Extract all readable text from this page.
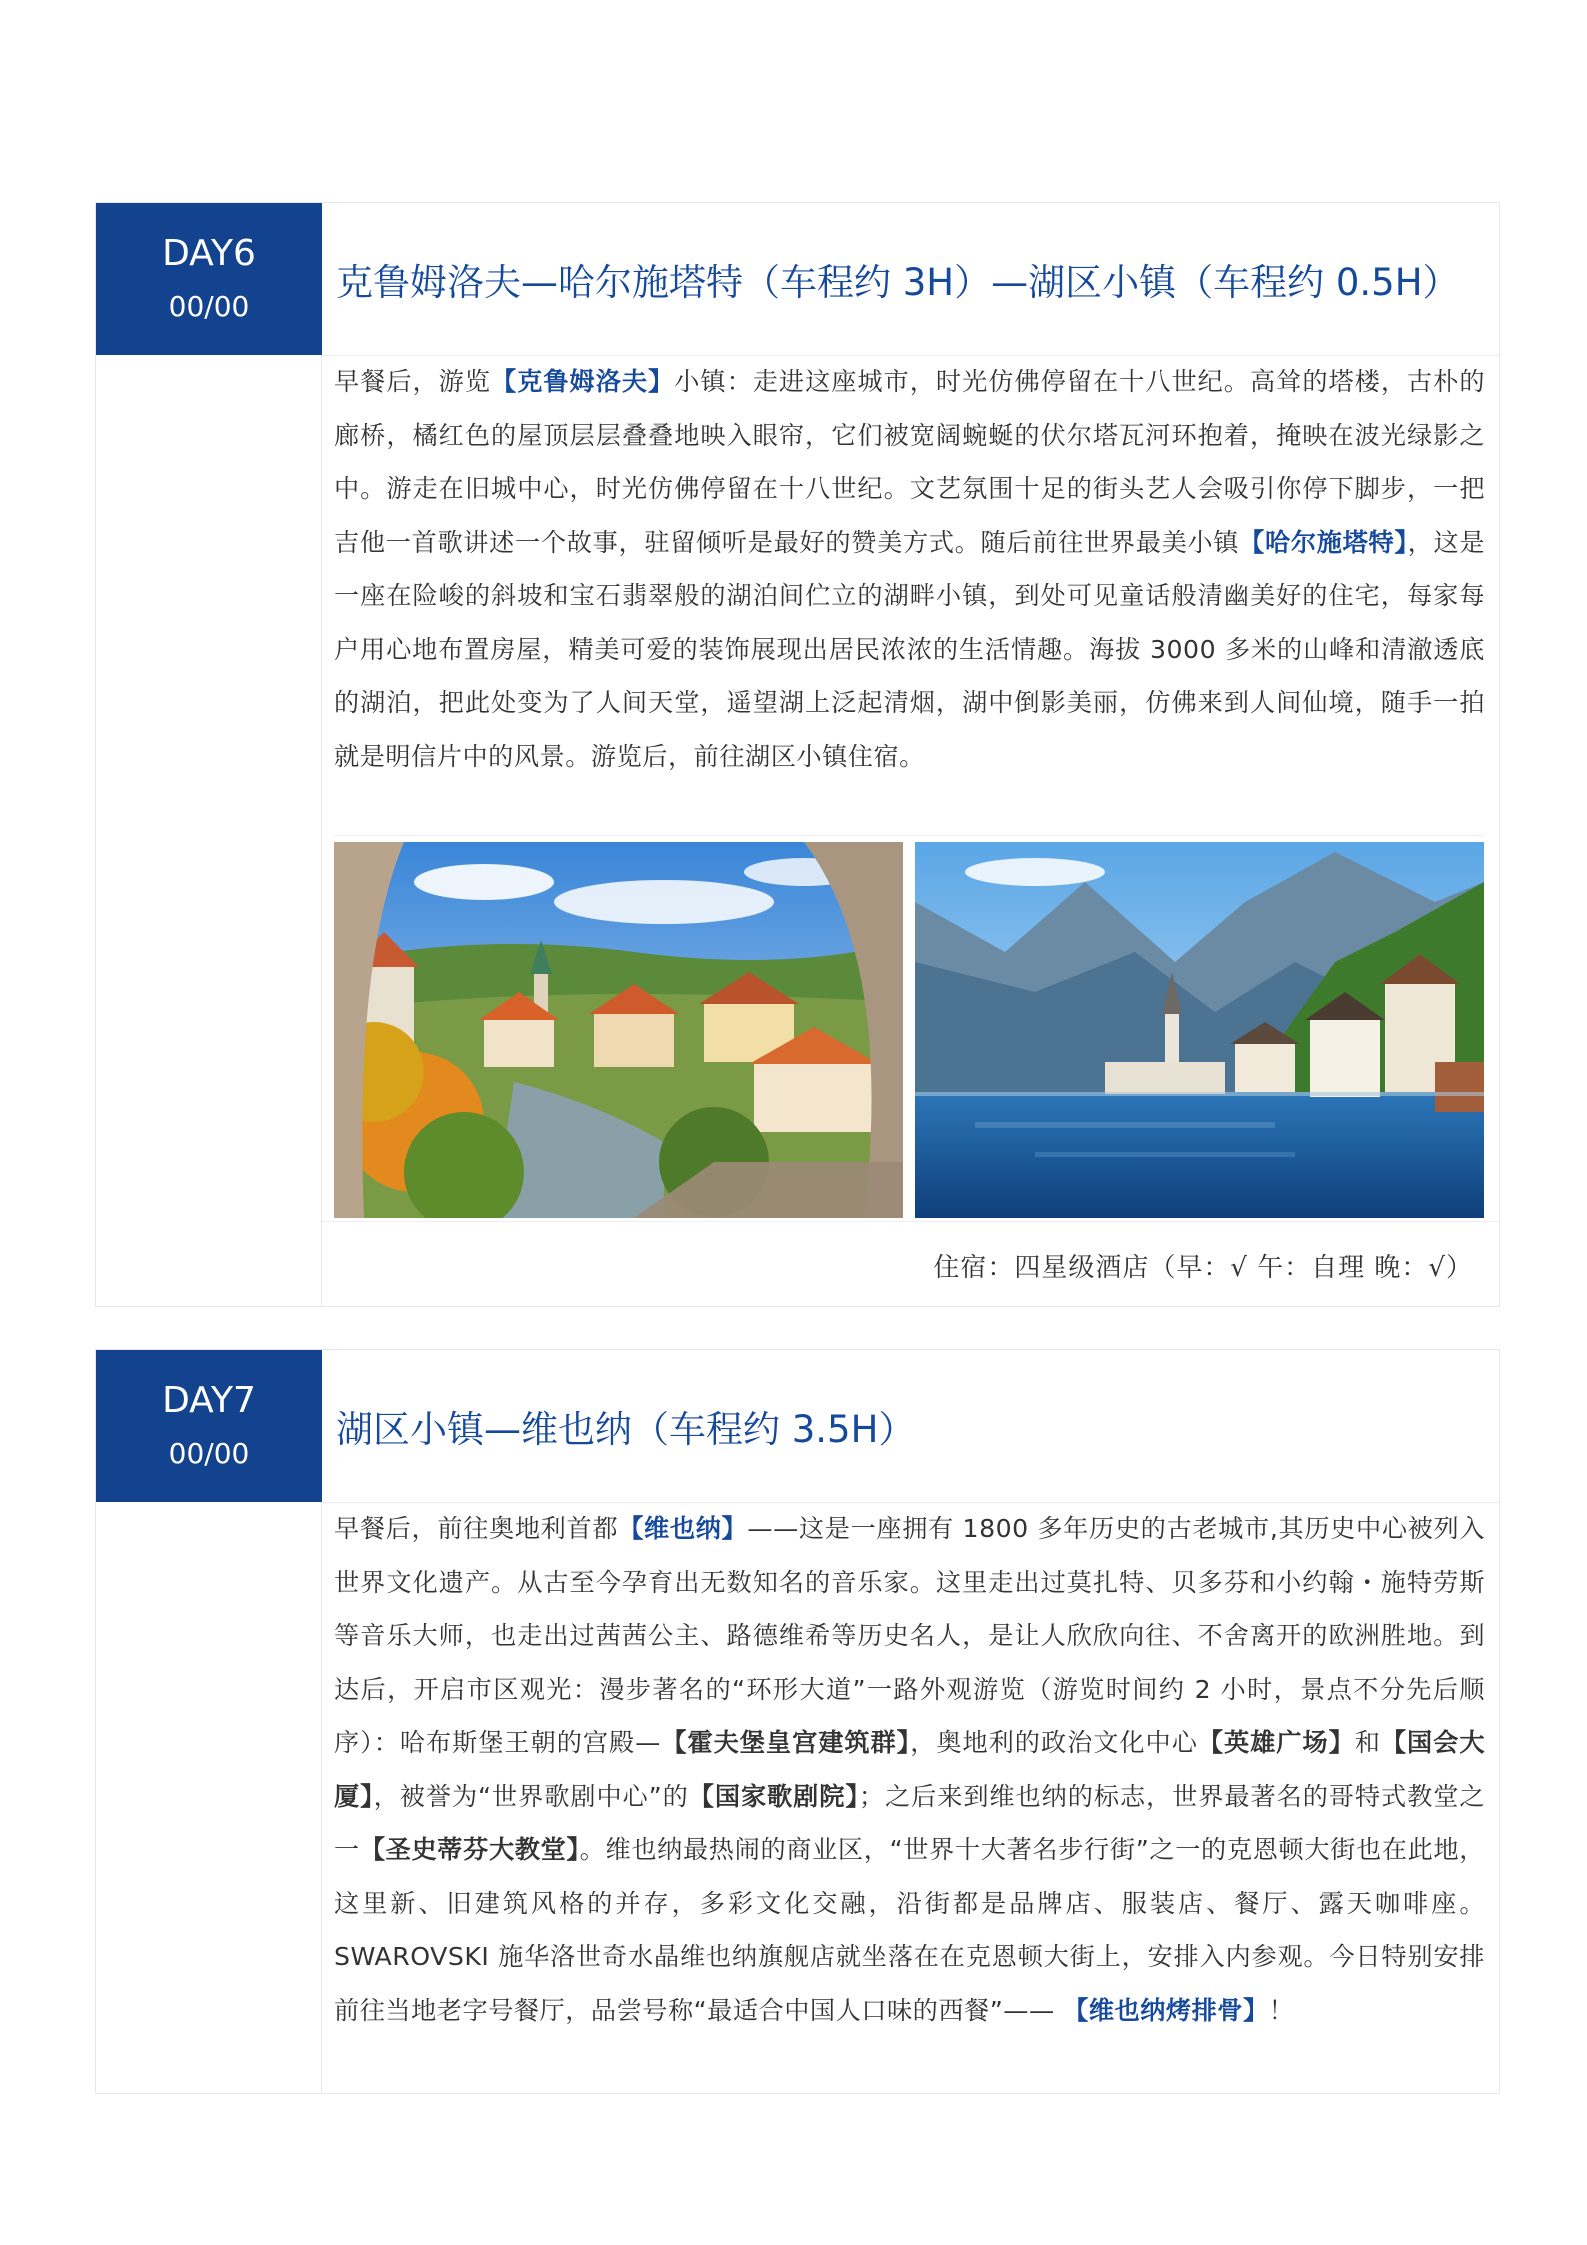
DAY6
00/00
克鲁姆洛夫—哈尔施塔特（车程约 3H）—湖区小镇（车程约 0.5H）

早餐后，游览【克鲁姆洛夫】小镇：走进这座城市，时光仿佛停留在十八世纪。高耸的塔楼，古朴的廊桥，橘红色的屋顶层层叠叠地映入眼帘，它们被宽阔蜿蜒的伏尔塔瓦河环抱着，掩映在波光绿影之中。游走在旧城中心，时光仿佛停留在十八世纪。文艺氛围十足的街头艺人会吸引你停下脚步，一把吉他一首歌讲述一个故事，驻留倾听是最好的赞美方式。随后前往世界最美小镇【哈尔施塔特】，这是一座在险峻的斜坡和宝石翡翠般的湖泊间伫立的湖畔小镇，到处可见童话般清幽美好的住宅，每家每户用心地布置房屋，精美可爱的装饰展现出居民浓浓的生活情趣。海拔 3000 多米的山峰和清澈透底的湖泊，把此处变为了人间天堂，遥望湖上泛起清烟，湖中倒影美丽，仿佛来到人间仙境，随手一拍就是明信片中的风景。游览后，前往湖区小镇住宿。

住宿：四星级酒店（早：√ 午：自理 晚：√）
DAY7
00/00
湖区小镇—维也纳（车程约 3.5H）

早餐后，前往奥地利首都【维也纳】——这是一座拥有 1800 多年历史的古老城市,其历史中心被列入世界文化遗产。从古至今孕育出无数知名的音乐家。这里走出过莫扎特、贝多芬和小约翰・施特劳斯等音乐大师，也走出过茜茜公主、路德维希等历史名人，是让人欣欣向往、不舍离开的欧洲胜地。到达后，开启市区观光：漫步著名的“环形大道”一路外观游览（游览时间约 2 小时，景点不分先后顺序）：哈布斯堡王朝的宫殿—【霍夫堡皇宫建筑群】，奥地利的政治文化中心【英雄广场】和【国会大厦】，被誉为“世界歌剧中心”的【国家歌剧院】；之后来到维也纳的标志，世界最著名的哥特式教堂之一【圣史蒂芬大教堂】。维也纳最热闹的商业区，“世界十大著名步行街”之一的克恩顿大街也在此地，这里新、旧建筑风格的并存，多彩文化交融，沿街都是品牌店、服装店、餐厅、露天咖啡座。SWAROVSKI 施华洛世奇水晶维也纳旗舰店就坐落在在克恩顿大街上，安排入内参观。今日特别安排前往当地老字号餐厅，品尝号称“最适合中国人口味的西餐”—— 【维也纳烤排骨】！
